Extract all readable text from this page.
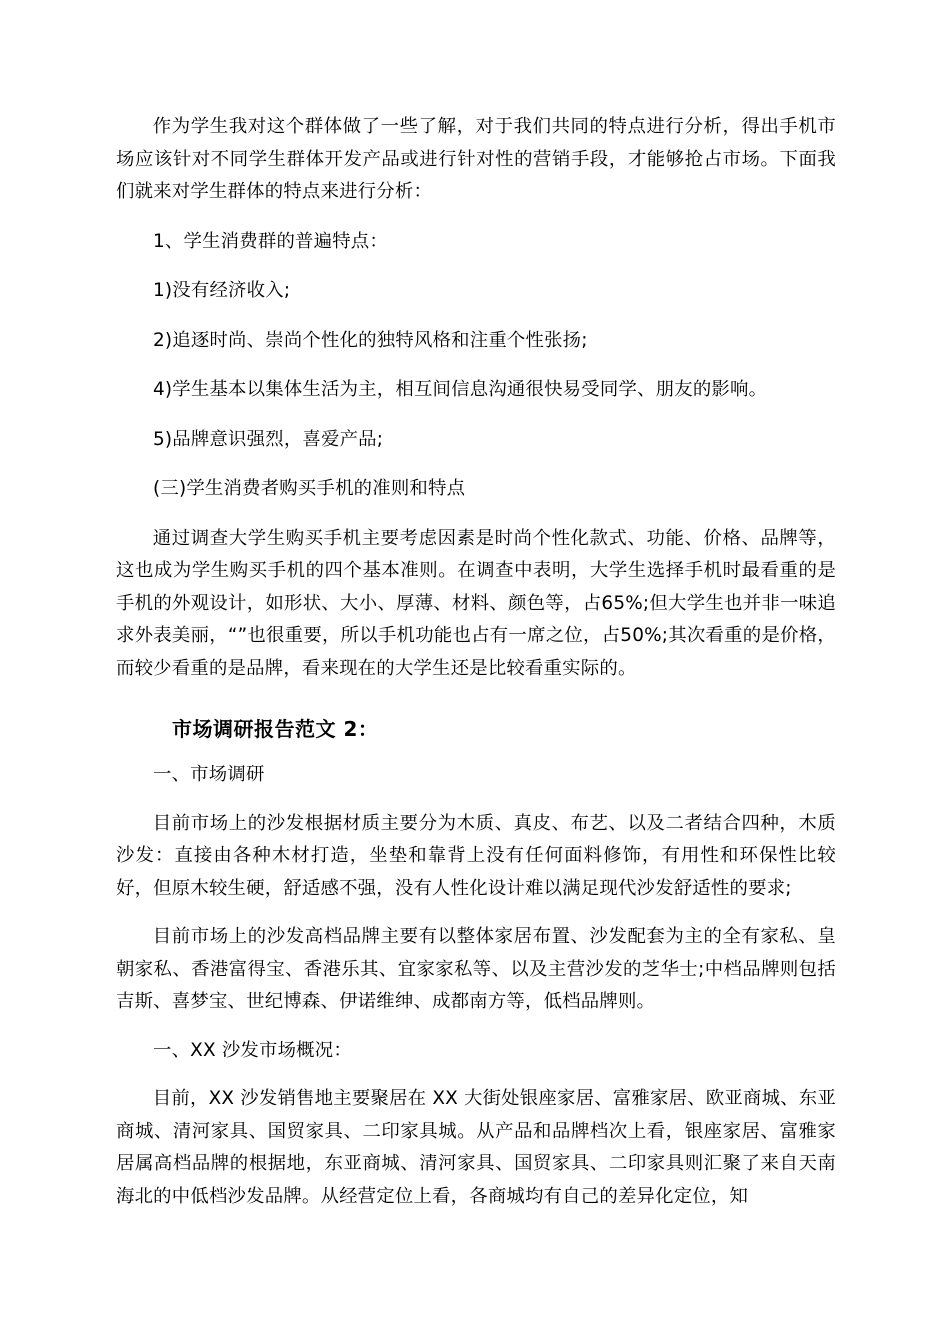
作为学生我对这个群体做了一些了解，对于我们共同的特点进行分析，得出手机市场应该针对不同学生群体开发产品或进行针对性的营销手段，才能够抢占市场。下面我们就来对学生群体的特点来进行分析：

1、学生消费群的普遍特点：

1)没有经济收入;

2)追逐时尚、崇尚个性化的独特风格和注重个性张扬;

4)学生基本以集体生活为主，相互间信息沟通很快易受同学、朋友的影响。

5)品牌意识强烈，喜爱产品;

(三)学生消费者购买手机的准则和特点

通过调查大学生购买手机主要考虑因素是时尚个性化款式、功能、价格、品牌等，这也成为学生购买手机的四个基本准则。在调查中表明，大学生选择手机时最看重的是手机的外观设计，如形状、大小、厚薄、材料、颜色等，占65%;但大学生也并非一味追求外表美丽，“”也很重要，所以手机功能也占有一席之位，占50%;其次看重的是价格，而较少看重的是品牌，看来现在的大学生还是比较看重实际的。

市场调研报告范文 2：

一、市场调研

目前市场上的沙发根据材质主要分为木质、真皮、布艺、以及二者结合四种，木质沙发：直接由各种木材打造，坐垫和靠背上没有任何面料修饰，有用性和环保性比较好，但原木较生硬，舒适感不强，没有人性化设计难以满足现代沙发舒适性的要求;

目前市场上的沙发高档品牌主要有以整体家居布置、沙发配套为主的全有家私、皇朝家私、香港富得宝、香港乐其、宜家家私等、以及主营沙发的芝华士;中档品牌则包括吉斯、喜梦宝、世纪博森、伊诺维绅、成都南方等，低档品牌则。

一、XX 沙发市场概况：

目前，XX 沙发销售地主要聚居在 XX 大街处银座家居、富雅家居、欧亚商城、东亚商城、清河家具、国贸家具、二印家具城。从产品和品牌档次上看，银座家居、富雅家居属高档品牌的根据地，东亚商城、清河家具、国贸家具、二印家具则汇聚了来自天南海北的中低档沙发品牌。从经营定位上看，各商城均有自己的差异化定位，知
